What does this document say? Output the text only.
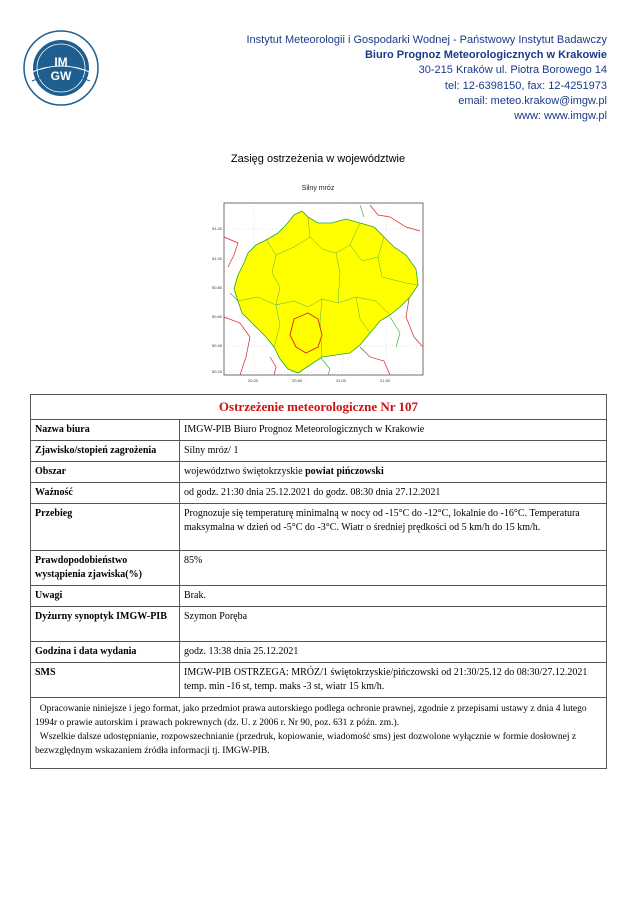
IM
GW
Instytut Meteorologii i Gospodarki Wodnej - Państwowy Instytut Badawczy
Biuro Prognoz Meteorologicznych w Krakowie
30-215 Kraków ul. Piotra Borowego 14
tel: 12-6398150, fax: 12-4251973
email: meteo.krakow@imgw.pl
www: www.imgw.pl
Zasięg ostrzeżenia w województwie
Silny mróz
51.20
51.00
50.80
50.60
50.40
50.20
20.00	20.50	21.00	21.50
Ostrzeżenie meteorologiczne Nr 107	
Nazwa biura	IMGW-PIB Biuro Prognoz Meteorologicznych w Krakowie
Zjawisko/stopień zagrożenia	Silny mróz/ 1
Obszar	województwo świętokrzyskie powiat pińczowski
Ważność	od godz. 21:30 dnia 25.12.2021 do godz. 08:30 dnia 27.12.2021
Przebieg	Prognozuje się temperaturę minimalną w nocy od -15°C do -12°C, lokalnie do -16°C. Temperatura maksymalna w dzień od -5°C do -3°C. Wiatr o średniej prędkości od 5 km/h do 15 km/h.
Prawdopodobieństwo wystąpienia zjawiska(%)	85%
Uwagi	Brak.
Dyżurny synoptyk IMGW-PIB	Szymon Poręba
Godzina i data wydania	godz. 13:38 dnia 25.12.2021
SMS	IMGW-PIB OSTRZEGA: MRÓZ/1 świętokrzyskie/pińczowski od 21:30/25.12 do 08:30/27.12.2021 temp. min -16 st, temp. maks -3 st, wiatr 15 km/h.
Opracowanie niniejsze i jego format, jako przedmiot prawa autorskiego podlega ochronie prawnej, zgodnie z przepisami ustawy z dnia 4 lutego 1994r o prawie autorskim i prawach pokrewnych (dz. U. z 2006 r. Nr 90, poz. 631 z późn. zm.).
Wszelkie dalsze udostępnianie, rozpowszechnianie (przedruk, kopiowanie, wiadomość sms) jest dozwolone wyłącznie w formie dosłownej z bezwzględnym wskazaniem źródła informacji tj. IMGW-PIB.	
